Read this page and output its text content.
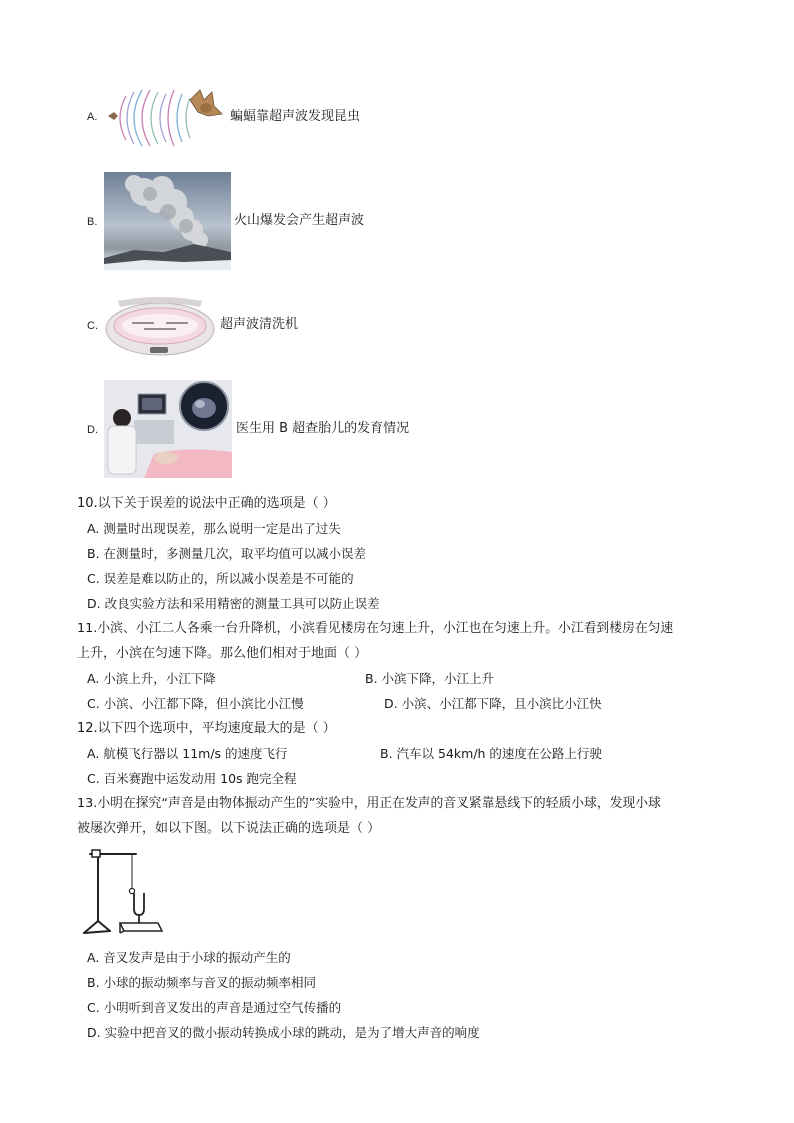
A.	蝙蝠靠超声波发现昆虫
B.	火山爆发会产生超声波
C.	超声波清洗机
D.	医生用 B 超查胎儿的发育情况
10.以下关于误差的说法中正确的选项是（ ）
A. 测量时出现误差，那么说明一定是出了过失
B. 在测量时，多测量几次，取平均值可以减小误差
C. 误差是难以防止的，所以减小误差是不可能的
D. 改良实验方法和采用精密的测量工具可以防止误差
11.小滨、小江二人各乘一台升降机，小滨看见楼房在匀速上升，小江也在匀速上升。小江看到楼房在匀速
上升，小滨在匀速下降。那么他们相对于地面（ ）
A. 小滨上升，小江下降	B. 小滨下降，小江上升
C. 小滨、小江都下降，但小滨比小江慢	D. 小滨、小江都下降，且小滨比小江快
12.以下四个选项中，平均速度最大的是（ ）
A. 航模飞行器以 11m/s 的速度飞行	B. 汽车以 54km/h 的速度在公路上行驶
C. 百米赛跑中运发动用 10s 跑完全程
13.小明在探究“声音是由物体振动产生的”实验中，用正在发声的音叉紧靠悬线下的轻质小球，发现小球
被屡次弹开，如以下图。以下说法正确的选项是（ ）
A. 音叉发声是由于小球的振动产生的
B. 小球的振动频率与音叉的振动频率相同
C. 小明听到音叉发出的声音是通过空气传播的
D. 实验中把音叉的微小振动转换成小球的跳动，是为了增大声音的响度
